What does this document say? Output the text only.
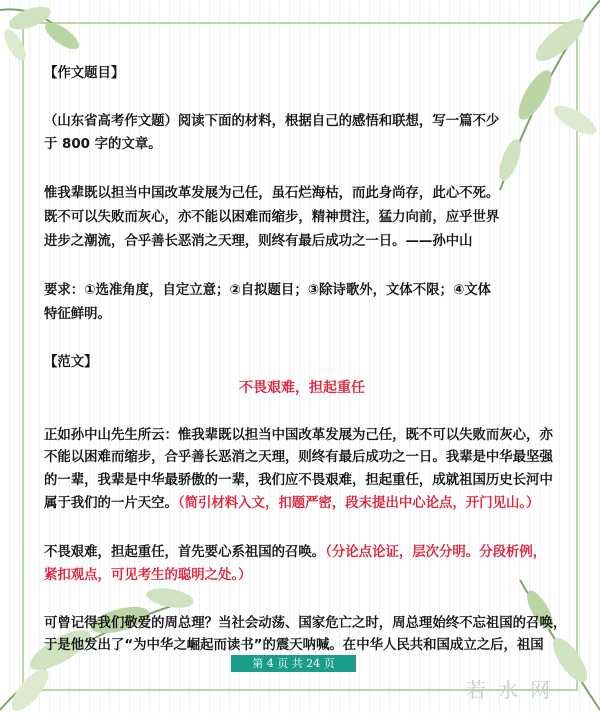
【作文题目】
（山东省高考作文题）阅读下面的材料，根据自己的感悟和联想，写一篇不少
于 800 字的文章。
惟我辈既以担当中国改革发展为己任，虽石烂海枯，而此身尚存，此心不死。
既不可以失败而灰心，亦不能以困难而缩步，精神贯注，猛力向前，应乎世界
进步之潮流，合乎善长恶消之天理，则终有最后成功之一日。——孙中山
要求：①选准角度，自定立意；②自拟题目；③除诗歌外，文体不限；④文体
特征鲜明。
【范文】
不畏艰难，担起重任
正如孙中山先生所云：惟我辈既以担当中国改革发展为己任，既不可以失败而灰心，亦
不能以困难而缩步，合乎善长恶消之天理，则终有最后成功之一日。我辈是中华最坚强
的一辈，我辈是中华最骄傲的一辈，我们应不畏艰难，担起重任，成就祖国历史长河中
属于我们的一片天空。（简引材料入文，扣题严密，段末提出中心论点，开门见山。）
不畏艰难，担起重任，首先要心系祖国的召唤。（分论点论证，层次分明。分段析例，
紧扣观点，可见考生的聪明之处。）
可曾记得我们敬爱的周总理？当社会动荡、国家危亡之时，周总理始终不忘祖国的召唤，
于是他发出了“为中华之崛起而读书”的震天呐喊。在中华人民共和国成立之后，祖国
第 4 页 共 24 页
若水网
